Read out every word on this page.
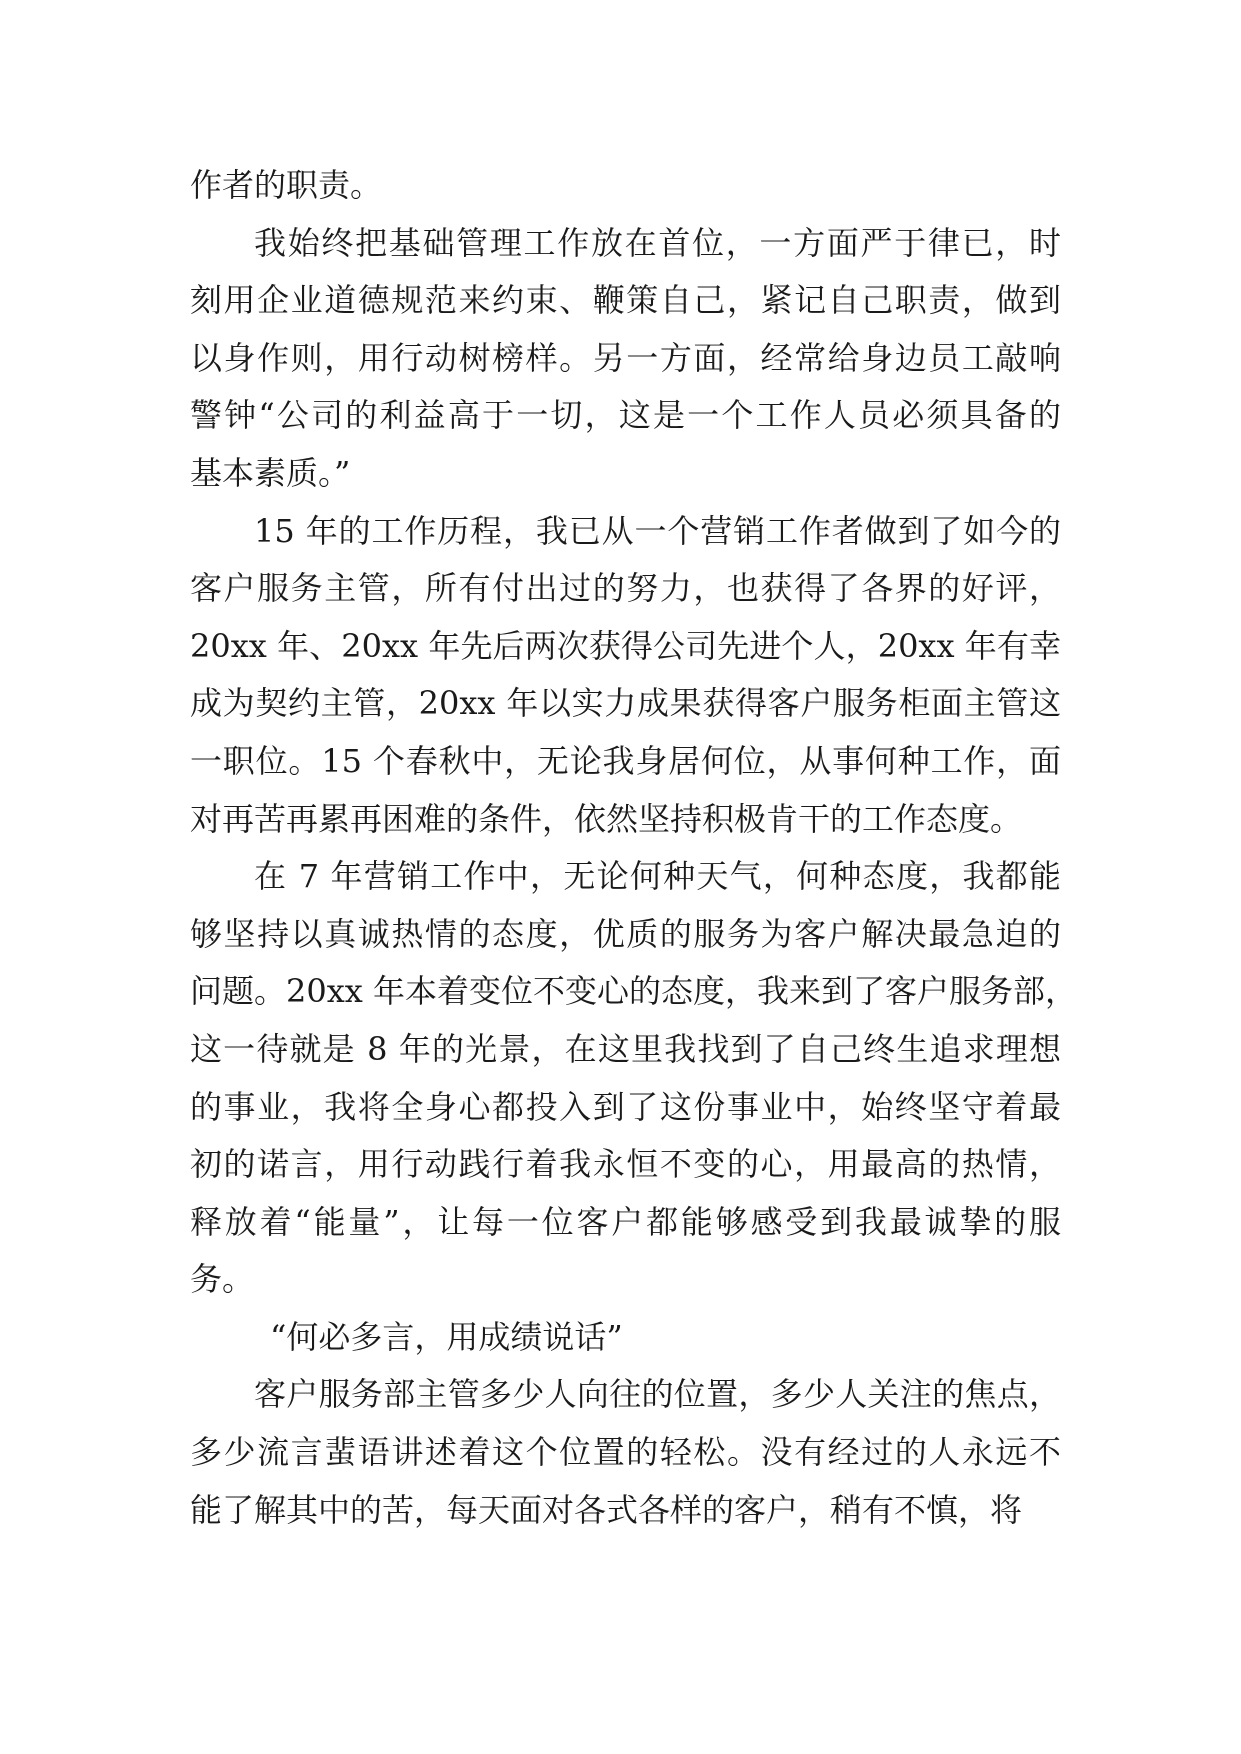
作者的职责。
我始终把基础管理工作放在首位，一方面严于律已，时
刻用企业道德规范来约束、鞭策自己，紧记自己职责，做到
以身作则，用行动树榜样。另一方面，经常给身边员工敲响
警钟“公司的利益高于一切，这是一个工作人员必须具备的
基本素质。”
15 年的工作历程，我已从一个营销工作者做到了如今的
客户服务主管，所有付出过的努力，也获得了各界的好评，
20xx 年、20xx 年先后两次获得公司先进个人，20xx 年有幸
成为契约主管，20xx 年以实力成果获得客户服务柜面主管这
一职位。15 个春秋中，无论我身居何位，从事何种工作，面
对再苦再累再困难的条件，依然坚持积极肯干的工作态度。
在 7 年营销工作中，无论何种天气，何种态度，我都能
够坚持以真诚热情的态度，优质的服务为客户解决最急迫的
问题。20xx 年本着变位不变心的态度，我来到了客户服务部，
这一待就是 8 年的光景，在这里我找到了自己终生追求理想
的事业，我将全身心都投入到了这份事业中，始终坚守着最
初的诺言，用行动践行着我永恒不变的心，用最高的热情，
释放着“能量”，让每一位客户都能够感受到我最诚挚的服
务。
“何必多言，用成绩说话”
客户服务部主管多少人向往的位置，多少人关注的焦点，
多少流言蜚语讲述着这个位置的轻松。没有经过的人永远不
能了解其中的苦，每天面对各式各样的客户，稍有不慎，将
